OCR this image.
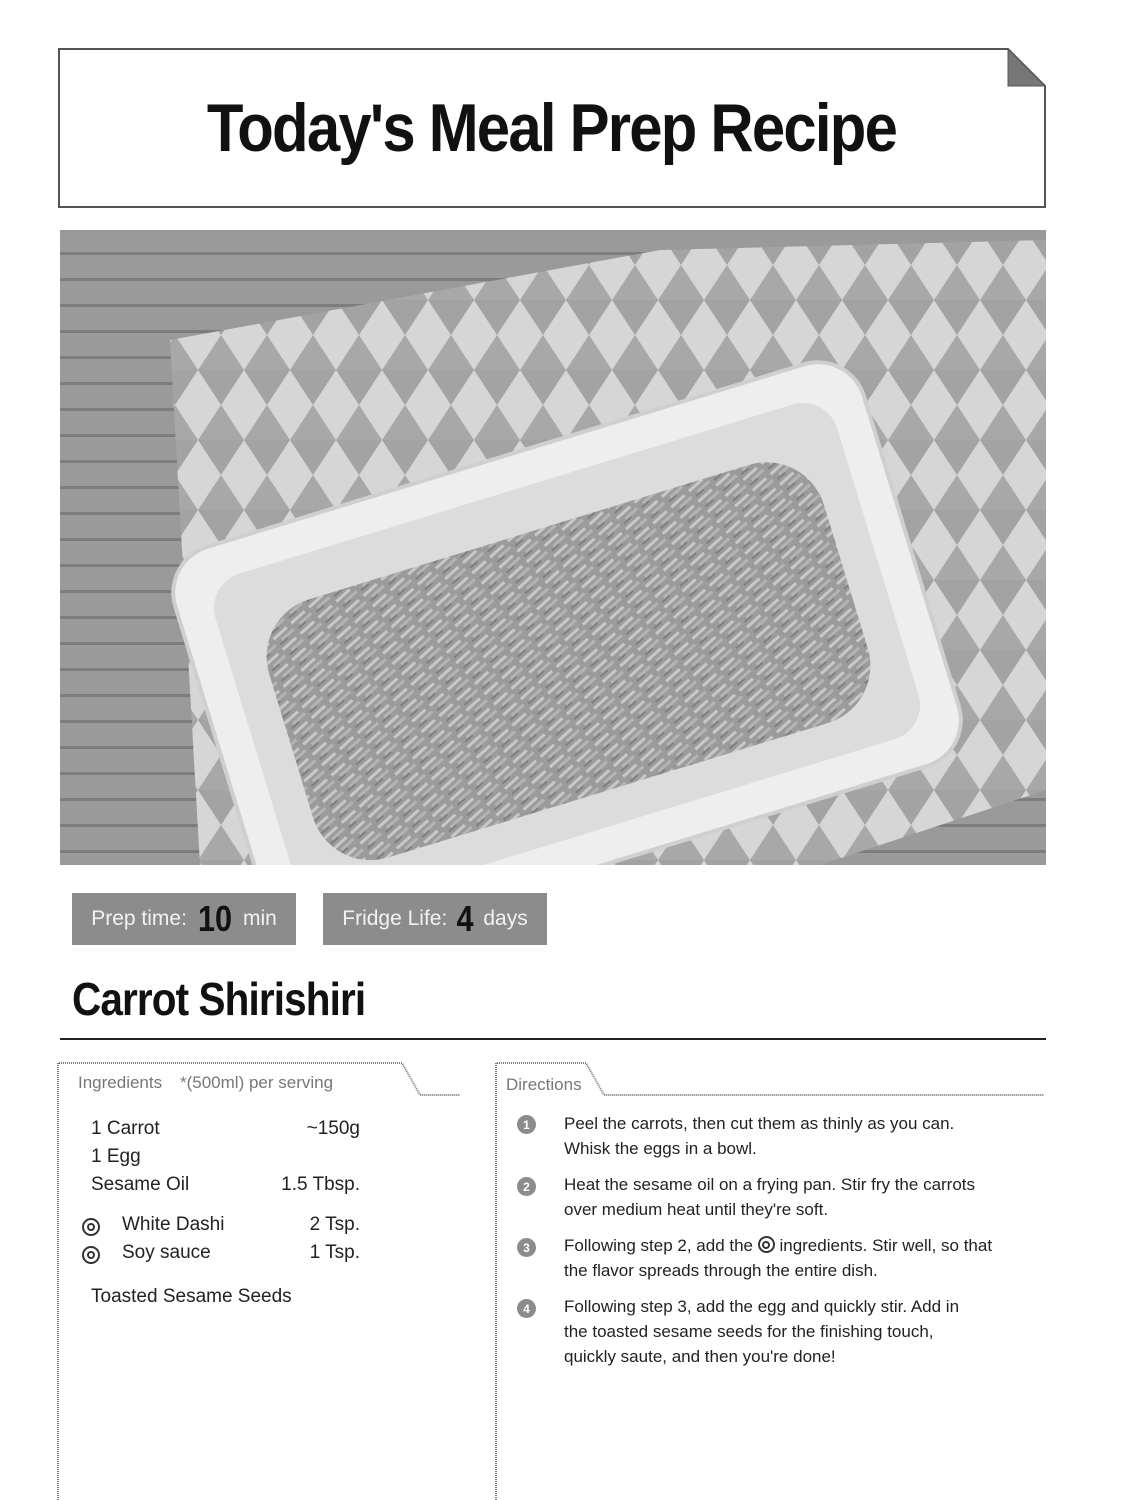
Today's Meal Prep Recipe
Prep time: 10 min	Fridge Life: 4 days
Carrot Shirishiri
Ingredients *(500ml) per serving
1 Carrot	~150g
1 Egg
Sesame Oil	1.5 Tbsp.
White Dashi	2 Tsp.
Soy sauce	1 Tsp.
Toasted Sesame Seeds
Directions
1	Peel the carrots, then cut them as thinly as you can.
Whisk the eggs in a bowl.
2	Heat the sesame oil on a frying pan. Stir fry the carrots
over medium heat until they're soft.
3	Following step 2, add the  ingredients. Stir well, so that
the flavor spreads through the entire dish.
4	Following step 3, add the egg and quickly stir. Add in
the toasted sesame seeds for the finishing touch,
quickly saute, and then you're done!
